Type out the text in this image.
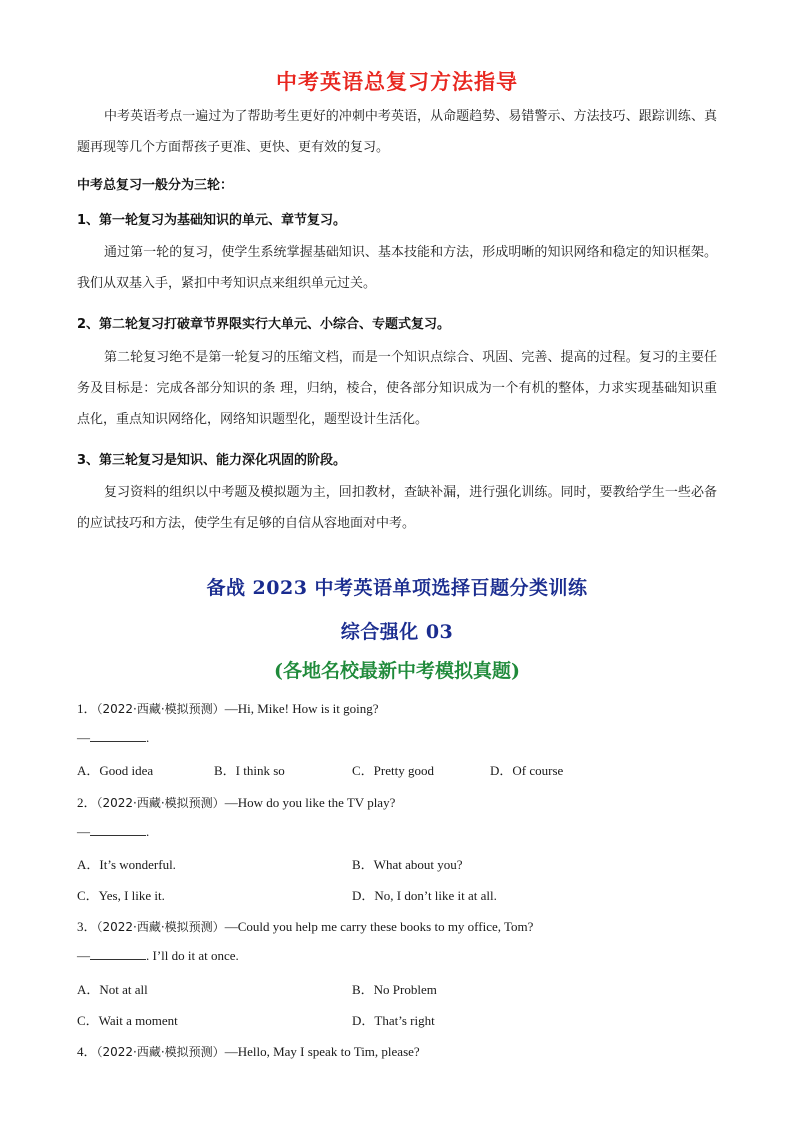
中考英语总复习方法指导
中考英语考点一遍过为了帮助考生更好的冲刺中考英语，从命题趋势、易错警示、方法技巧、跟踪训练、真题再现等几个方面帮孩子更准、更快、更有效的复习。
中考总复习一般分为三轮：
1、第一轮复习为基础知识的单元、章节复习。
通过第一轮的复习，使学生系统掌握基础知识、基本技能和方法，形成明晰的知识网络和稳定的知识框架。我们从双基入手，紧扣中考知识点来组织单元过关。
2、第二轮复习打破章节界限实行大单元、小综合、专题式复习。
第二轮复习绝不是第一轮复习的压缩文档，而是一个知识点综合、巩固、完善、提高的过程。复习的主要任务及目标是：完成各部分知识的条 理，归纳，棱合，使各部分知识成为一个有机的整体，力求实现基础知识重点化，重点知识网络化，网络知识题型化，题型设计生活化。
3、第三轮复习是知识、能力深化巩固的阶段。
复习资料的组织以中考题及模拟题为主，回扣教材，查缺补漏，进行强化训练。同时，要教给学生一些必备的应试技巧和方法，使学生有足够的自信从容地面对中考。
备战 2023 中考英语单项选择百题分类训练
综合强化 03
(各地名校最新中考模拟真题)
1．（2022·西藏·模拟预测）—Hi, Mike! How is it going?
—	.
A．Good idea	B．I think so	C．Pretty good	D．Of course
2．（2022·西藏·模拟预测）—How do you like the TV play?
—	.
A．It’s wonderful.	B．What about you?
C．Yes, I like it.	D．No, I don’t like it at all.
3．（2022·西藏·模拟预测）—Could you help me carry these books to my office, Tom?
—	. I’ll do it at once.
A．Not at all	B．No Problem
C．Wait a moment	D．That’s right
4．（2022·西藏·模拟预测）—Hello, May I speak to Tim, please?
